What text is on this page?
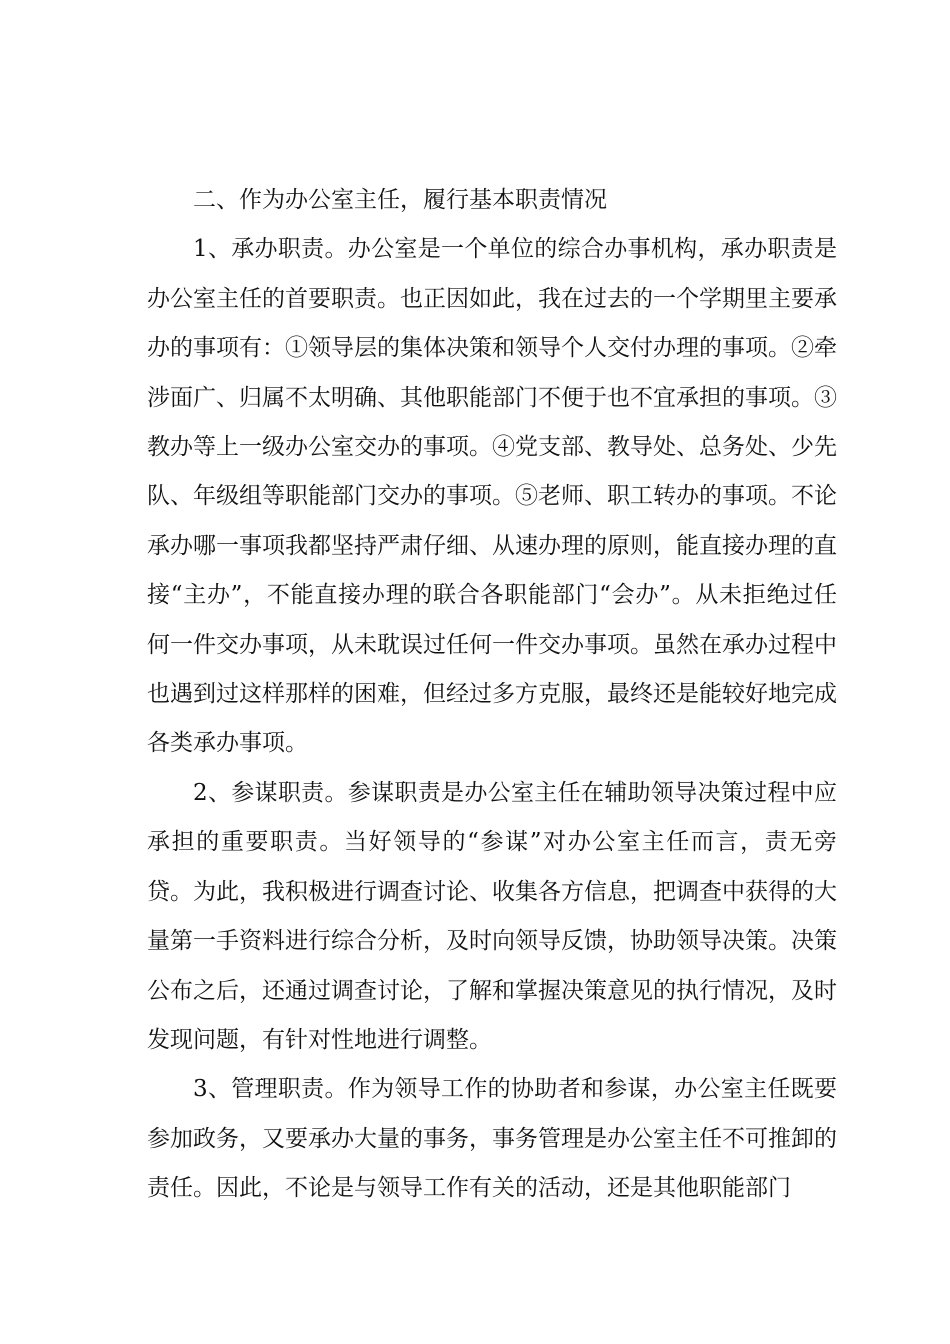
二、作为办公室主任，履行基本职责情况

1、承办职责。办公室是一个单位的综合办事机构，承办职责是办公室主任的首要职责。也正因如此，我在过去的一个学期里主要承办的事项有：①领导层的集体决策和领导个人交付办理的事项。②牵涉面广、归属不太明确、其他职能部门不便于也不宜承担的事项。③教办等上一级办公室交办的事项。④党支部、教导处、总务处、少先队、年级组等职能部门交办的事项。⑤老师、职工转办的事项。不论承办哪一事项我都坚持严肃仔细、从速办理的原则，能直接办理的直接“主办”，不能直接办理的联合各职能部门“会办”。从未拒绝过任何一件交办事项，从未耽误过任何一件交办事项。虽然在承办过程中也遇到过这样那样的困难，但经过多方克服，最终还是能较好地完成各类承办事项。

2、参谋职责。参谋职责是办公室主任在辅助领导决策过程中应承担的重要职责。当好领导的“参谋”对办公室主任而言，责无旁贷。为此，我积极进行调查讨论、收集各方信息，把调查中获得的大量第一手资料进行综合分析，及时向领导反馈，协助领导决策。决策公布之后，还通过调查讨论，了解和掌握决策意见的执行情况，及时发现问题，有针对性地进行调整。

3、管理职责。作为领导工作的协助者和参谋，办公室主任既要参加政务，又要承办大量的事务，事务管理是办公室主任不可推卸的责任。因此，不论是与领导工作有关的活动，还是其他职能部门
